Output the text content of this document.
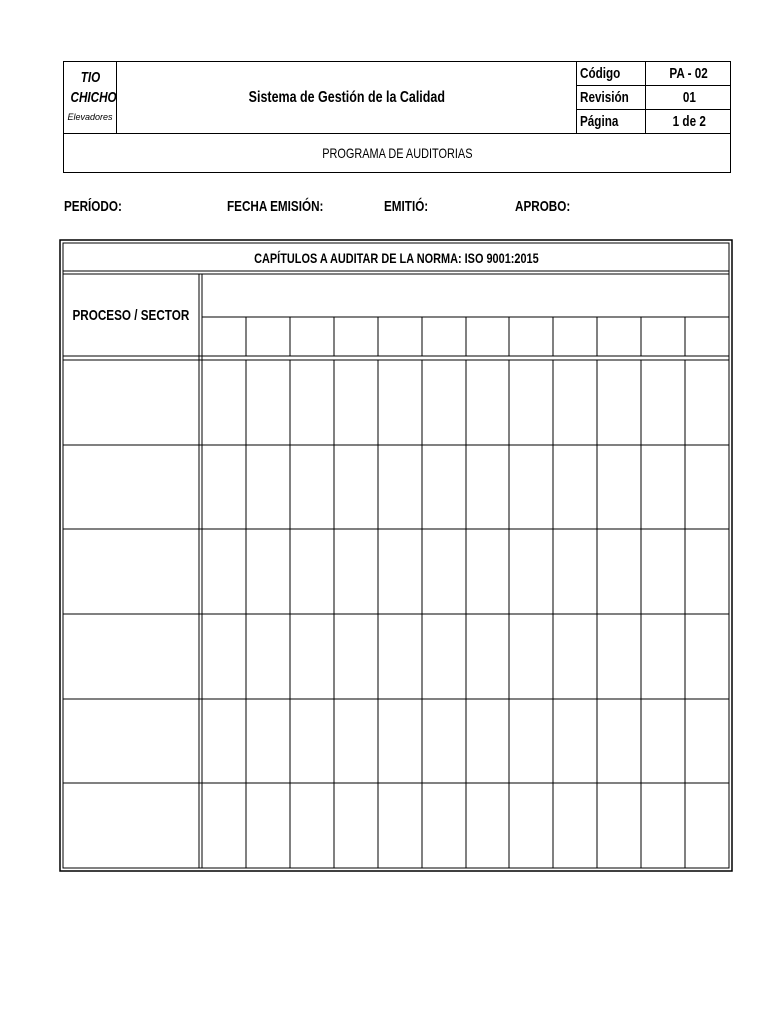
TIO
CHICHO
Elevadores
Sistema de Gestión de la Calidad
Código	PA - 02
Revisión	01
Página	1 de 2
PROGRAMA DE AUDITORIAS
PERÍODO:	FECHA EMISIÓN:	EMITIÓ:	APROBO:
CAPÍTULOS A AUDITAR DE LA NORMA: ISO 9001:2015
PROCESO / SECTOR
